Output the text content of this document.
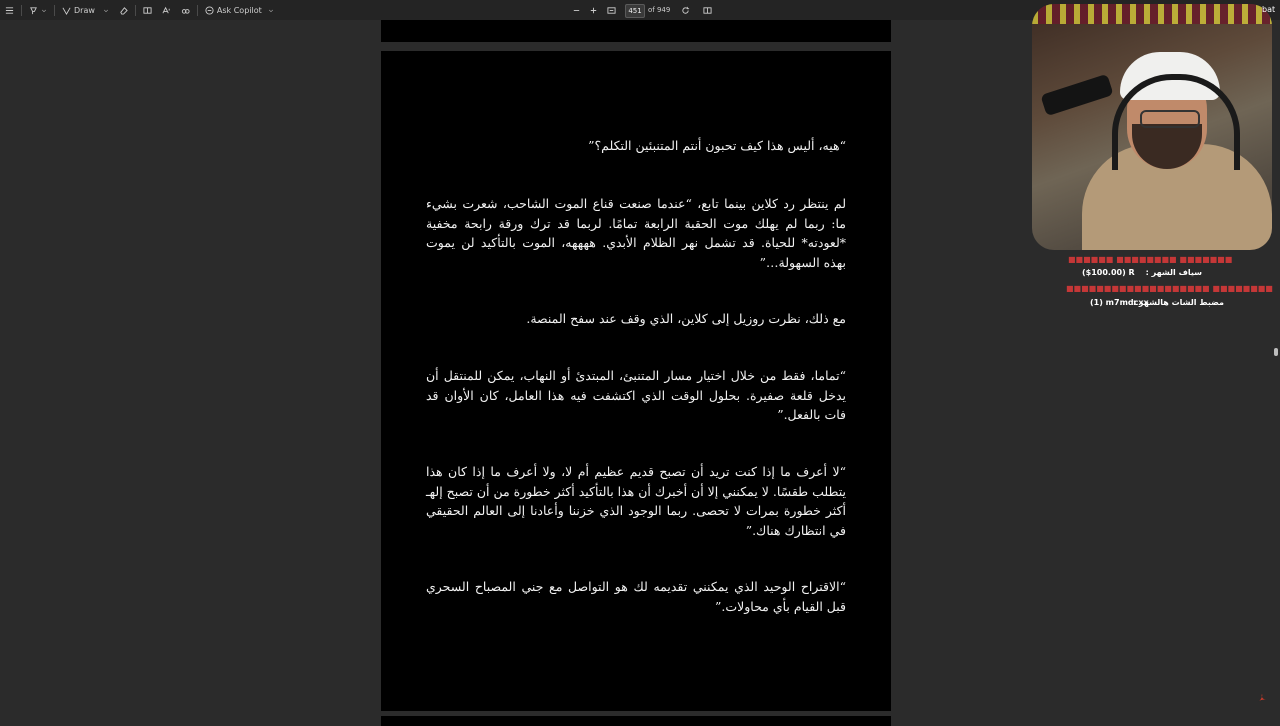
Draw	Ask Copilot	451 of 949
“هيه، أليس هذا كيف تحبون أنتم المتنبئين التكلم؟”
لم ينتظر رد كلاين بينما تابع، “عندما صنعت قناع الموت الشاحب، شعرت بشيء ما: ربما لم يهلك موت الحقبة الرابعة تمامًا. لربما قد ترك ورقة رابحة مخفية *لعودته* للحياة. قد تشمل نهر الظلام الأبدي. ههههه، الموت بالتأكيد لن يموت بهذه السهولة…”
مع ذلك، نظرت روزيل إلى كلاين، الذي وقف عند سفح المنصة.
“تماما، فقط من خلال اختيار مسار المتنبئ، المبتدئ أو النهاب، يمكن للمنتقل أن يدخل قلعة صفيرة. بحلول الوقت الذي اكتشفت فيه هذا العامل، كان الأوان قد فات بالفعل.”
“لا أعرف ما إذا كنت تريد أن تصبح قديم عظيم أم لا، ولا أعرف ما إذا كان هذا يتطلب طقسًا. لا يمكنني إلا أن أخبرك أن هذا بالتأكيد أكثر خطورة من أن تصبح إلهـ أكثر خطورة بمرات لا تحصى. ربما الوجود الذي خزننا وأعادنا إلى العالم الحقيقي في انتظارك هناك.”
“الاقتراح الوحيد الذي يمكنني تقديمه لك هو التواصل مع جني المصباح السحري قبل القيام بأي محاولات.”
bat
■■■■■■■ ■■■■■■■■ ■■■■■■
سياف الشهر :
($100.00) R
■■■■■■■■ ■■■■■■■■■■■■■■■■■■■
مضبط الشات هالشهر :
(1) m7mdcxx
